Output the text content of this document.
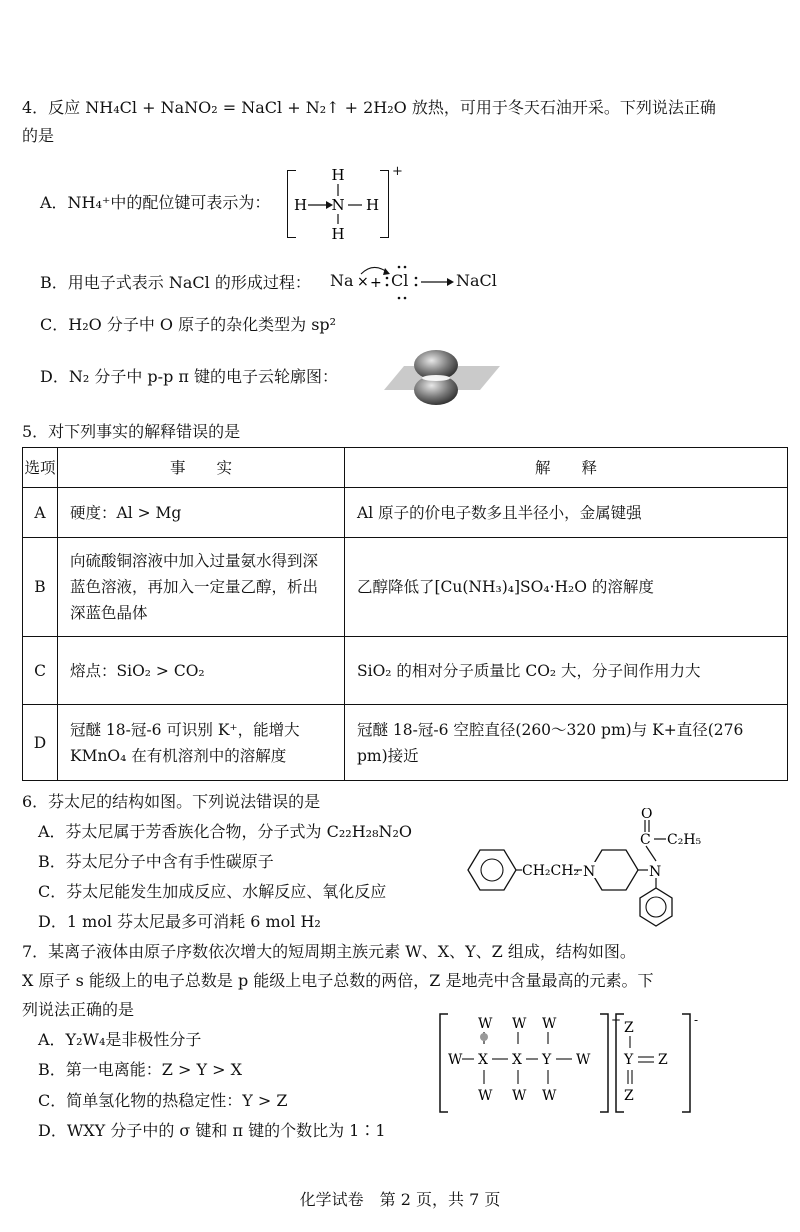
4．反应 NH₄Cl + NaNO₂ = NaCl + N₂↑ + 2H₂O 放热，可用于冬天石油开采。下列说法正确
的是
A．NH₄⁺中的配位键可表示为：
+
H
H N H
H
B．用电子式表示 NaCl 的形成过程： Na × + Cl	NaCl
C．H₂O 分子中 O 原子的杂化类型为 sp²
D．N₂ 分子中 p-p π 键的电子云轮廓图：
5．对下列事实的解释错误的是
选项	事　　实	解　　释
A	硬度：Al > Mg	Al 原子的价电子数多且半径小，金属键强
B	向硫酸铜溶液中加入过量氨水得到深蓝色溶液，再加入一定量乙醇，析出深蓝色晶体	乙醇降低了[Cu(NH₃)₄]SO₄·H₂O 的溶解度
C	熔点：SiO₂ > CO₂	SiO₂ 的相对分子质量比 CO₂ 大，分子间作用力大
D	冠醚 18-冠-6 可识别 K⁺，能增大 KMnO₄ 在有机溶剂中的溶解度	冠醚 18-冠-6 空腔直径(260～320 pm)与 K+直径(276 pm)接近
6．芬太尼的结构如图。下列说法错误的是
A．芬太尼属于芳香族化合物，分子式为 C₂₂H₂₈N₂O
B．芬太尼分子中含有手性碳原子
C．芬太尼能发生加成反应、水解反应、氧化反应
D．1 mol 芬太尼最多可消耗 6 mol H₂
CH₂CH₂ N	N
C
O
C₂H₅
7．某离子液体由原子序数依次增大的短周期主族元素 W、X、Y、Z 组成，结构如图。
X 原子 s 能级上的电子总数是 p 能级上电子总数的两倍，Z 是地壳中含量最高的元素。下
列说法正确的是
A．Y₂W₄是非极性分子
B．第一电离能：Z > Y > X
C．简单氢化物的热稳定性：Y > Z
D．WXY 分子中的 σ 键和 π 键的个数比为 1∶1
+
W W W
W X X Y W
W W W
-
Z
Y Z
Z
化学试卷　第 2 页，共 7 页
